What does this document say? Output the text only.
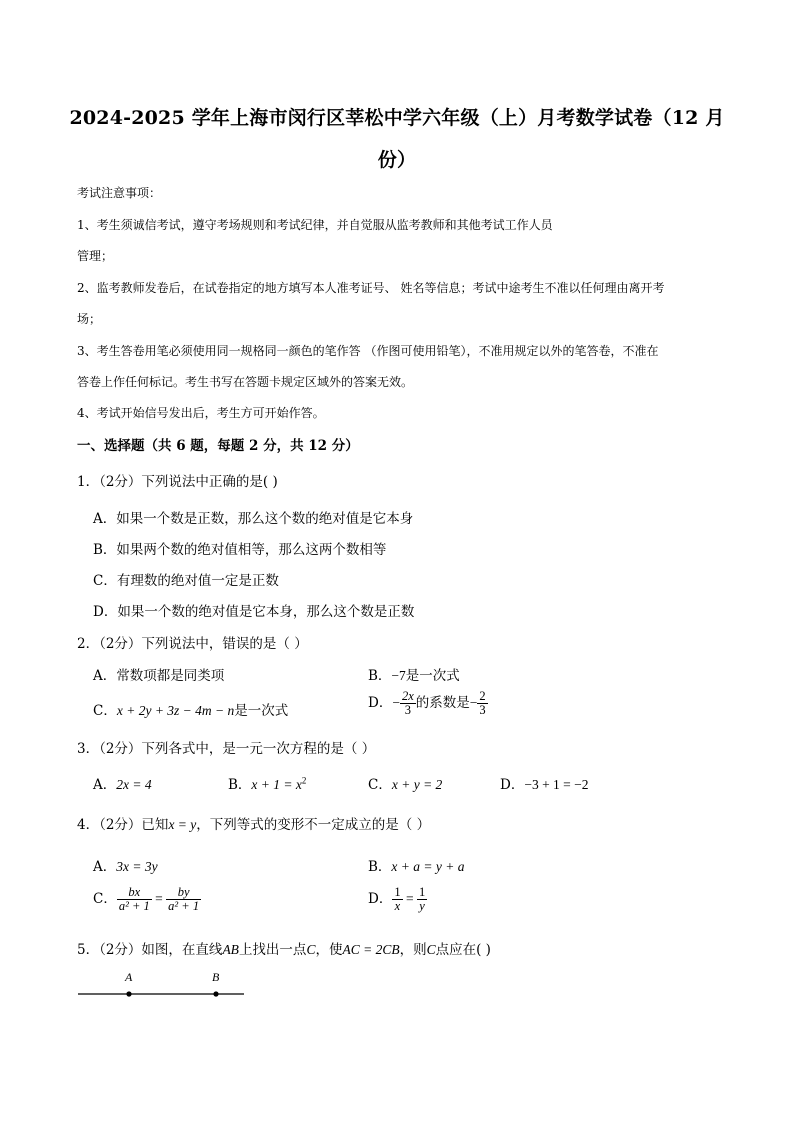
2024-2025 学年上海市闵行区莘松中学六年级（上）月考数学试卷（12 月
份）
考试注意事项：
1、考生须诚信考试，遵守考场规则和考试纪律，并自觉服从监考教师和其他考试工作人员
管理；
2、监考教师发卷后，在试卷指定的地方填写本人准考证号、 姓名等信息；考试中途考生不准以任何理由离开考
场；
3、考生答卷用笔必须使用同一规格同一颜色的笔作答 （作图可使用铅笔），不准用规定以外的笔答卷，不准在
答卷上作任何标记。考生书写在答题卡规定区域外的答案无效。
4、考试开始信号发出后，考生方可开始作答。
一、选择题（共 6 题，每题 2 分，共 12 分）
1．（2分）下列说法中正确的是( )
A．如果一个数是正数，那么这个数的绝对值是它本身
B．如果两个数的绝对值相等，那么这两个数相等
C．有理数的绝对值一定是正数
D．如果一个数的绝对值是它本身，那么这个数是正数
2．（2分）下列说法中，错误的是（ ）
A．常数项都是同类项	B．−7是一次式
C．x + 2y + 3z − 4m − n是一次式	D．− $\frac{2x}{3}$ 的系数是− $\frac{2}{3}$
3．（2分）下列各式中，是一元一次方程的是（ ）
A．2x = 4	B．$x + 1 = x^2$	C．x + y = 2	D．−3 + 1 = −2
4．（2分）已知x = y，下列等式的变形不一定成立的是（ ）
A．3x = 3y	B．x + a = y + a
C． $\frac{bx}{\text{a² + 1}} = \frac{by}{\text{a² + 1}}$	D． $\frac{1}{x} = \frac{1}{y}$
5．（2分）如图，在直线AB上找出一点C，使AC = 2CB，则C点应在( )
A	B
